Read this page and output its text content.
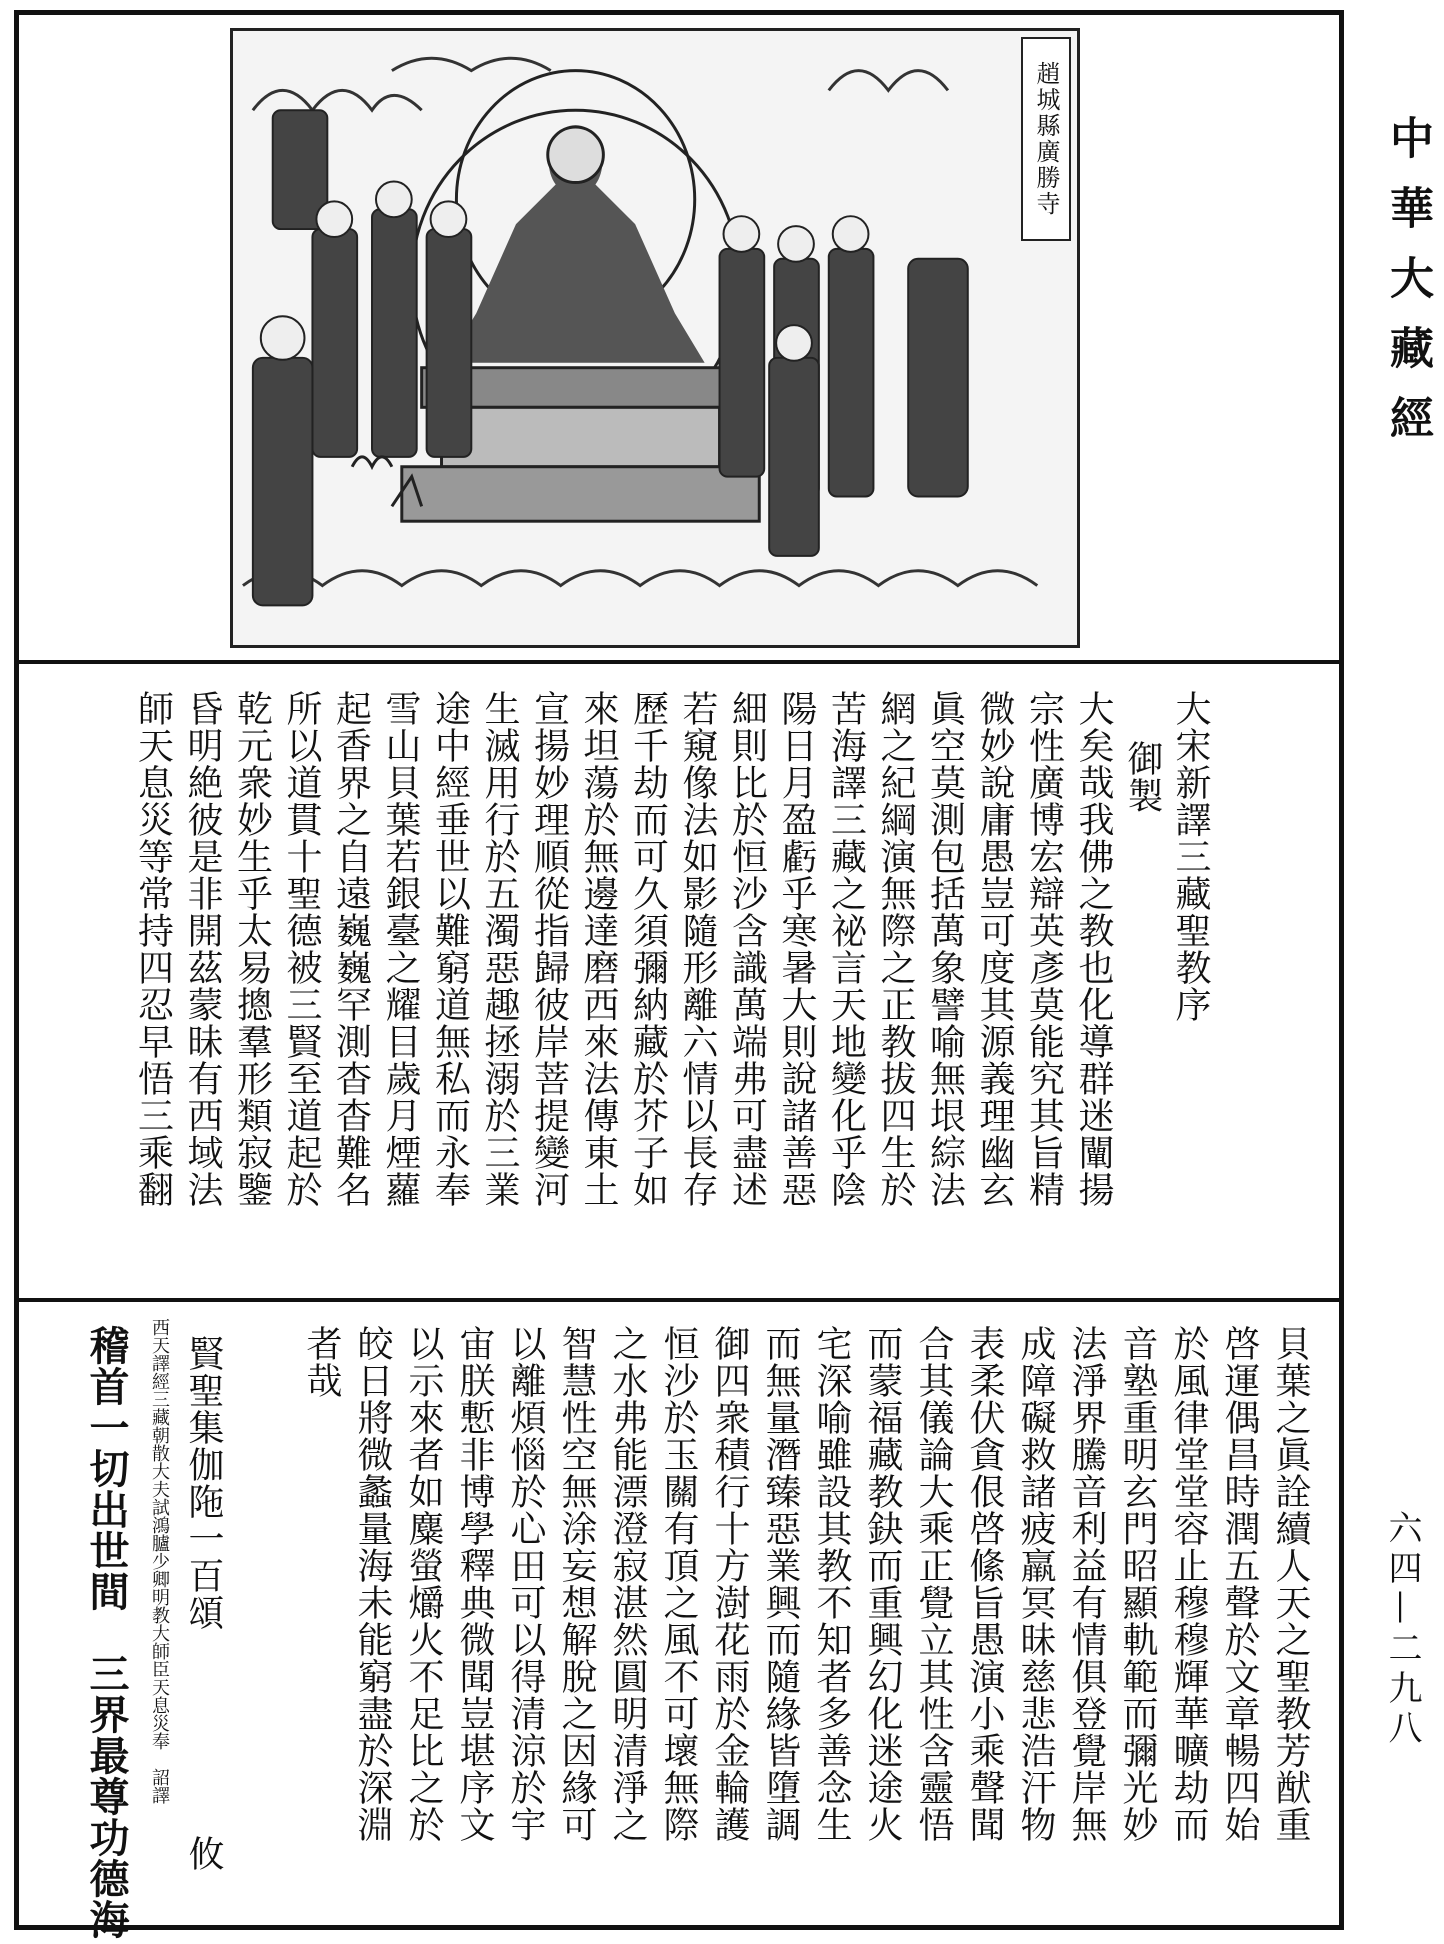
趙城縣廣勝寺	中華大藏經
六四—二九八
大宋新譯三藏聖教序
御製
大矣哉我佛之教也化導群迷闡揚
宗性廣博宏辯英彥莫能究其旨精
微妙說庸愚豈可度其源義理幽玄
眞空莫測包括萬象譬喻無垠綜法
網之紀綱演無際之正教拔四生於
苦海譯三藏之祕言天地變化乎陰
陽日月盈虧乎寒暑大則說諸善惡
細則比於恒沙含識萬端弗可盡述
若窺像法如影隨形離六情以長存
歷千劫而可久須彌納藏於芥子如
來坦蕩於無邊達磨西來法傳東土
宣揚妙理順從指歸彼岸菩提變河
生滅用行於五濁惡趣拯溺於三業
途中經垂世以難窮道無私而永奉
雪山貝葉若銀臺之耀目歲月煙蘿
起香界之自遠巍巍罕測杳杳難名
所以道貫十聖德被三賢至道起於
乾元衆妙生乎太易摠羣形類寂鑒
昏明絶彼是非開茲蒙昧有西域法
師天息災等常持四忍早悟三乘翻
貝葉之眞詮續人天之聖教芳猷重
啓運偶昌時潤五聲於文章暢四始
於風律堂堂容止穆穆輝華曠劫而
音塾重明玄門昭顯軌範而彌光妙
法淨界騰音利益有情俱登覺岸無
成障礙救諸疲羸冥昧慈悲浩汗物
表柔伏貪佷啓絛旨愚演小乘聲聞
合其儀論大乘正覺立其性含靈悟
而蒙福藏教鈌而重興幻化迷途火
宅深喻雖設其教不知者多善念生
而無量潛臻惡業興而隨緣皆墮調
御四衆積行十方澍花雨於金輪護
恒沙於玉關有頂之風不可壞無際
之水弗能漂澄寂湛然圓明清淨之
智慧性空無涂妄想解脫之因緣可
以離煩惱於心田可以得清涼於宇
宙朕慙非博學釋典微聞豈堪序文
以示來者如麋螢爝火不足比之於
皎日將微蠡量海未能窮盡於深淵
者哉
賢聖集伽陁一百頌
攸
西天譯經三藏朝散大夫試鴻臚少卿明教大師臣天息災奉　詔譯
稽首一切出世間　三界最尊功德海
